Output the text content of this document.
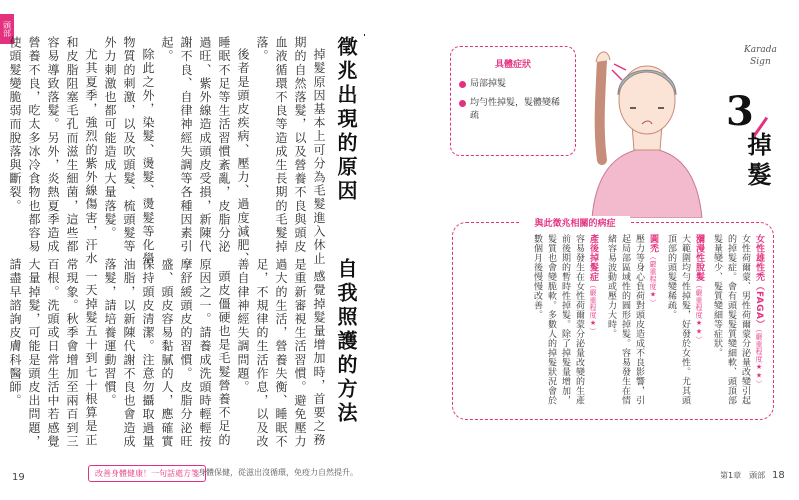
頭部
徵兆出現的原因

掉髮原因基本上可分為毛髮進入休止期的自然落髮，以及營養不良與頭皮血液循環不良等造成生長期的毛髮掉落。

後者是頭皮疾病、壓力、過度減肥、睡眠不足等生活習慣紊亂，皮脂分泌過旺、紫外線造成頭皮受損，新陳代謝不良、自律神經失調等各種因素引起。

除此之外，染髮、燙髮、燙髮等化學物質的刺激，以及吹頭髮、梳頭髮等外力刺激也都可能造成大量落髮。

尤其夏季，強烈的紫外線傷害，汗水和皮脂阻塞毛孔而滋生細菌，這些都容易導致落髮。另外，炎熱夏季造成營養不良，吃太多冰冷食物也都容易使頭髮變脆弱而脫落與斷裂。

自我照護的方法

感覺掉髮量增加時，首要之務是重新審視生活習慣。避免壓力過大的生活，營養失衡、睡眠不足，不規律的生活作息，以及改善自律神經失調問題。

頭皮僵硬也是毛髮營養不足的原因之一。請養成洗頭時輕輕按摩舒緩頭皮的習慣。皮脂分泌旺盛、頭皮容易黏膩的人，應確實保持頭皮清潔。注意勿攝取過量油脂，以新陳代謝不良也會造成落髮，請培養運動習慣。

一天掉髮五十到七十根算是正常現象。秋季會增加至兩百到三百根。洗頭或日常生活中若感覺大量掉髮，可能是頭皮出問題，請盡早諮詢皮膚科醫師。

具體症狀
局部掉髮
均勻性掉髮，髮體變稀疏
Karada
Sign
3
掉髮
與此徵兆相關的病症
女性雄性禿（FAGA）（嚴重程度★★）
女性荷爾蒙、男性荷爾蒙分泌量改變引起的掉髮症。會有頭髮髮質變細軟、頭頂部髮量變少、髮質變細等症狀。
瀰漫性脫髮（嚴重程度★★）
大範圍均勻性掉髮，好發於女性。尤其頭頂部的頭髮變稀疏。
圓禿（嚴重程度★）
壓力等身心負荷對頭皮造成不良影響，引起局部區域性的圓形掉髮。容易發生在情緒容易波動或壓力大時。
產後掉髮症（嚴重程度★）
容易發生在女性荷爾蒙分泌量改變的生產前後期的暫時性掉髮。除了掉髮量增加，髮質也會變脆軟。多數人的掉髮狀況會於數個月後慢慢改善。
19	改善身體健康！一句話處方箋 身體保健，從滋出沒循環，免疫力自然提升。	第1章　頭部 18
